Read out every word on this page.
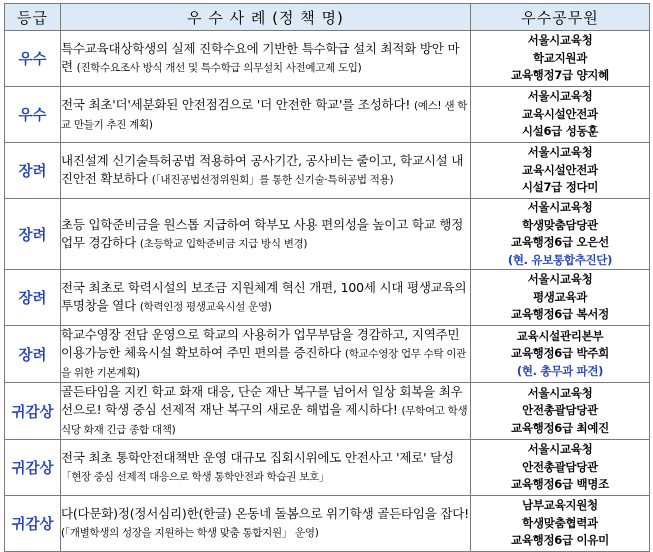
등급	우 수 사 례 (정 책 명)	우수공무원
우수	특수교육대상학생의 실제 진학수요에 기반한 특수학급 설치 최적화 방안 마련 (진학수요조사 방식 개선 및 특수학급 의무설치 사전예고제 도입)	서울시교육청
학교지원과
교육행정7급 양지혜

우수	전국 최초'더'세분화된 안전점검으로 '더 안전한 학교'를 조성하다! (예스! 샌 학교 만들기 추진 계획)	서울시교육청
교육시설안전과
시설6급 성동훈

장려	내진설계 신기술특허공법 적용하여 공사기간, 공사비는 줄이고, 학교시설 내진안전 확보하다 (「내진공법선정위원회」를 통한 신기술·특허공법 적용)	서울시교육청
교육시설안전과
시설7급 정다미

장려	초등 입학준비금을 원스톱 지급하여 학부모 사용 편의성을 높이고 학교 행정 업무 경감하다 (초등학교 입학준비금 지급 방식 변경)	서울시교육청
학생맞춤담당관
교육행정6급 오은선
(현. 유보통합추진단)

장려	전국 최초로 학력시설의 보조금 지원체계 혁신 개편, 100세 시대 평생교육의 투명창을 열다 (학력인정 평생교육시설 운영)	서울시교육청
평생교육과
교육행정6급 복서정

장려	학교수영장 전담 운영으로 학교의 사용허가 업무부담을 경감하고, 지역주민 이용가능한 체육시설 확보하여 주민 편의를 증진하다 (학교수영장 업무 수탁 이관을 위한 기본계획)	교육시설관리본부
교육행정6급 박주희
(현. 총무과 파견)

귀감상	골든타임을 지킨 학교 화재 대응, 단순 재난 복구를 넘어서 일상 회복을 최우선으로! 학생 중심 선제적 재난 복구의 새로운 해법을 제시하다! (무학여고 학생식당 화재 긴급 종합 대책)	서울시교육청
안전총괄담당관
교육행정6급 최예진

귀감상	전국 최초 통학안전대책반 운영 대규모 집회시위에도 안전사고 '제로' 달성 「현장 중심 선제적 대응으로 학생 통학안전과 학습권 보호」	서울시교육청
안전총괄담당관
교육행정6급 백명조

귀감상	다(다문화)정(정서심리)한(한글) 온동네 돌봄으로 위기학생 골든타임을 잡다! (「개별학생의 성장을 지원하는 학생 맞춤 통합지원」 운영)	남부교육지원청
학생맞춤협력과
교육행정6급 이유미
